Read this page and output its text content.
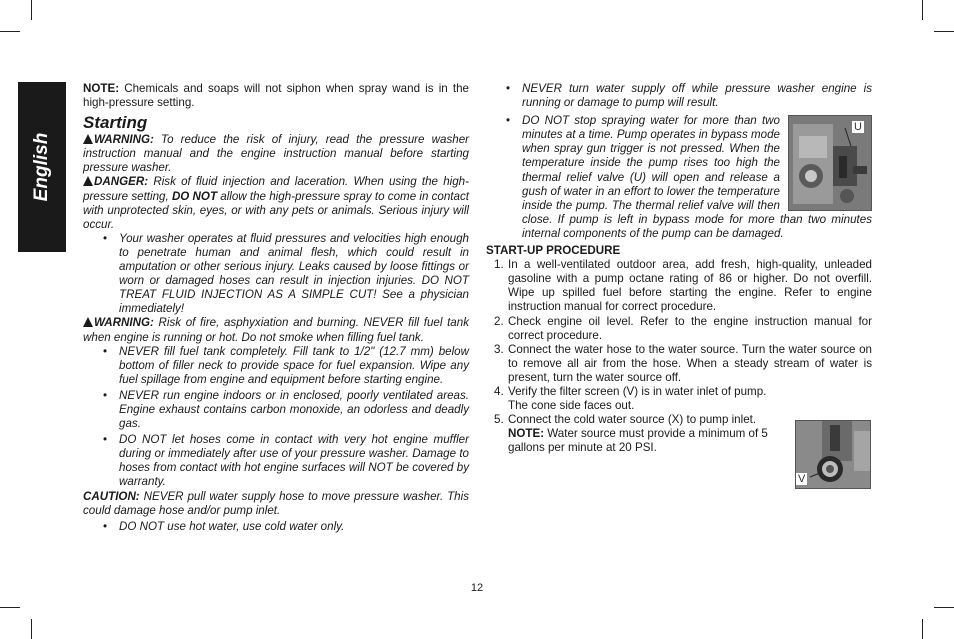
English

NOTE: Chemicals and soaps will not siphon when spray wand is in the high-pressure setting.

Starting

WARNING: To reduce the risk of injury, read the pressure washer instruction manual and the engine instruction manual before starting pressure washer.

DANGER: Risk of fluid injection and laceration. When using the high-pressure setting, DO NOT allow the high-pressure spray to come in contact with unprotected skin, eyes, or with any pets or animals. Serious injury will occur.

• Your washer operates at fluid pressures and velocities high enough to penetrate human and animal flesh, which could result in amputation or other serious injury. Leaks caused by loose fittings or worn or damaged hoses can result in injection injuries. DO NOT TREAT FLUID INJECTION AS A SIMPLE CUT! See a physician immediately!

WARNING: Risk of fire, asphyxiation and burning. NEVER fill fuel tank when engine is running or hot. Do not smoke when filling fuel tank.

• NEVER fill fuel tank completely. Fill tank to 1/2" (12.7 mm) below bottom of filler neck to provide space for fuel expansion. Wipe any fuel spillage from engine and equipment before starting engine.
• NEVER run engine indoors or in enclosed, poorly ventilated areas. Engine exhaust contains carbon monoxide, an odorless and deadly gas.
• DO NOT let hoses come in contact with very hot engine muffler during or immediately after use of your pressure washer. Damage to hoses from contact with hot engine surfaces will NOT be covered by warranty.

CAUTION: NEVER pull water supply hose to move pressure washer. This could damage hose and/or pump inlet.

• DO NOT use hot water, use cold water only.
• NEVER turn water supply off while pressure washer engine is running or damage to pump will result.
• DO NOT stop spraying water for more than two minutes at a time. Pump operates in bypass mode when spray gun trigger is not pressed. When the temperature inside the pump rises too high the thermal relief valve (U) will open and release a gush of water in an effort to lower the temperature inside the pump. The thermal relief valve will then close. If pump is left in bypass mode for more than two minutes internal components of the pump can be damaged.
START-UP PROCEDURE
1. In a well-ventilated outdoor area, add fresh, high-quality, unleaded gasoline with a pump octane rating of 86 or higher. Do not overfill. Wipe up spilled fuel before starting the engine. Refer to engine instruction manual for correct procedure.
2. Check engine oil level. Refer to the engine instruction manual for correct procedure.
3. Connect the water hose to the water source. Turn the water source on to remove all air from the hose. When a steady stream of water is present, turn the water source off.
4. Verify the filter screen (V) is in water inlet of pump. The cone side faces out.
5. Connect the cold water source (X) to pump inlet.
NOTE: Water source must provide a minimum of 5 gallons per minute at 20 PSI.
U
V
12
